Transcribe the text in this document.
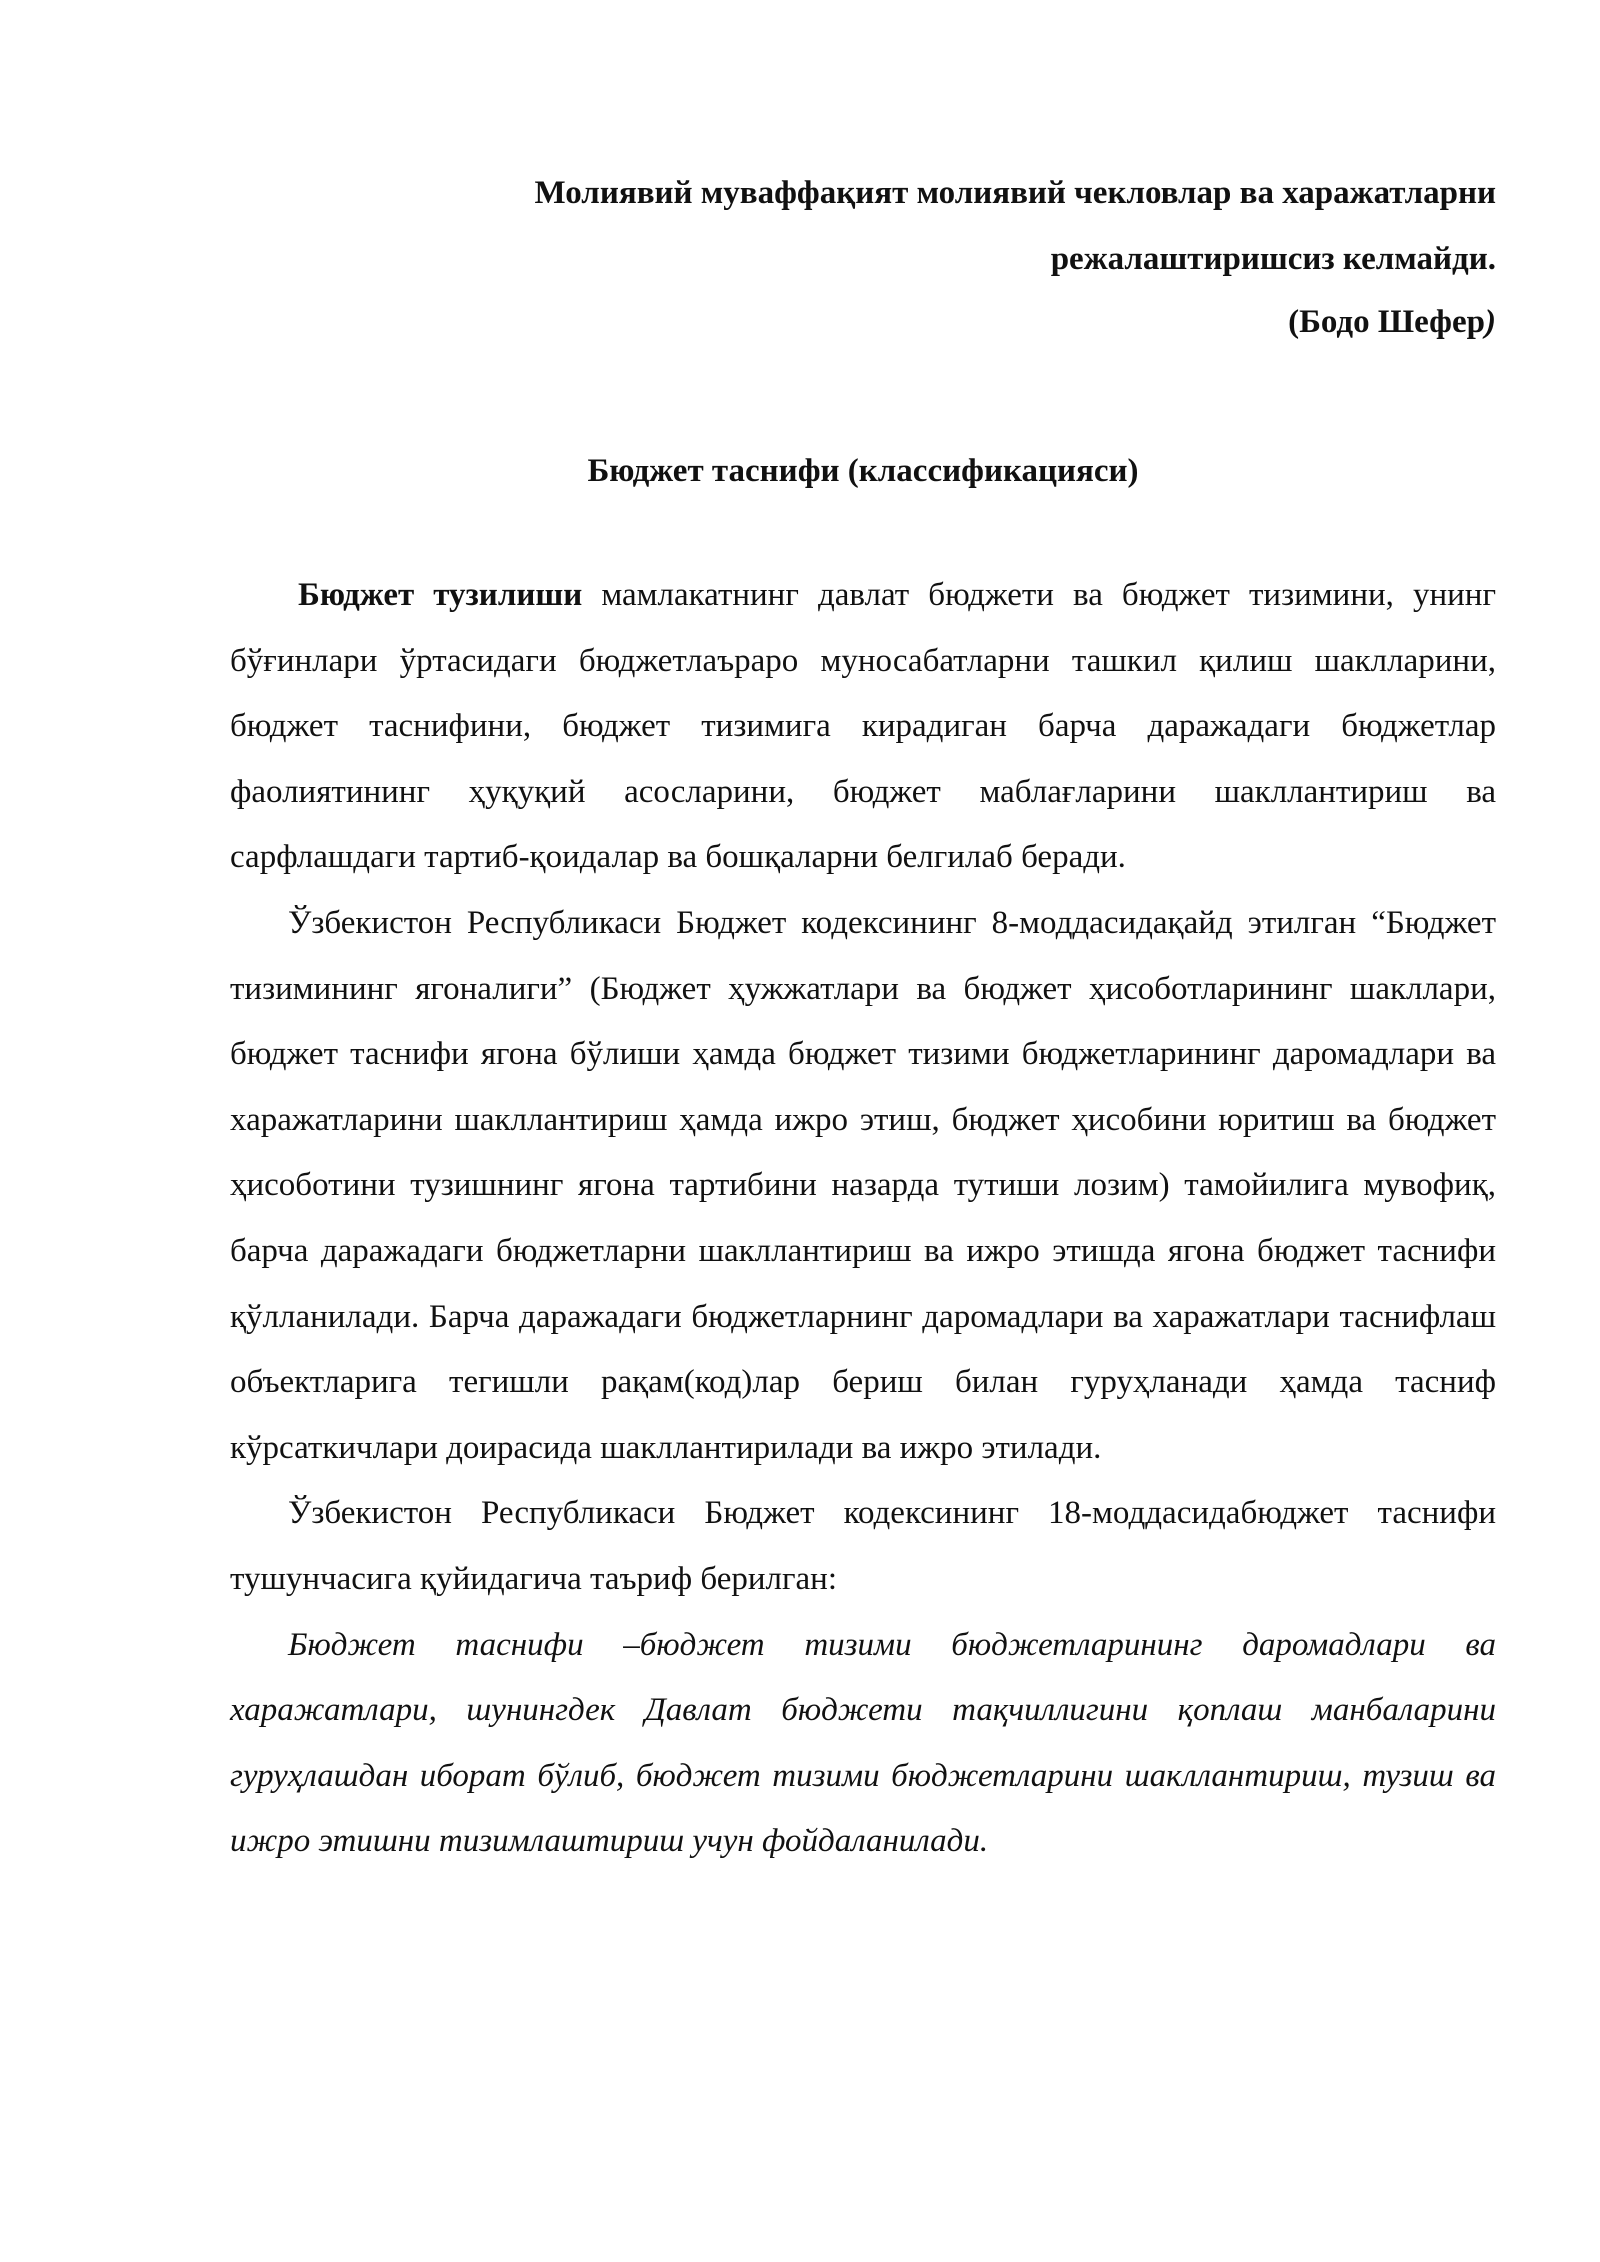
Молиявий муваффақият молиявий чекловлар ва харажатларни

режалаштиришсиз келмайди.

(Бодо Шефер)

Бюджет таснифи (классификацияси)

Бюджет тузилиши мамлакатнинг давлат бюджети ва бюджет тизимини, унинг бўғинлари ўртасидаги бюджетлаъраро муносабатларни ташкил қилиш шаклларини, бюджет таснифини, бюджет тизимига кирадиган барча даражадаги бюджетлар фаолиятининг ҳуқуқий асосларини, бюджет маблағларини шакллантириш ва сарфлашдаги тартиб-қоидалар ва бошқаларни белгилаб беради.

Ўзбекистон Республикаси Бюджет кодексининг 8-моддасидақайд этилган “Бюджет тизимининг ягоналиги” (Бюджет ҳужжатлари ва бюджет ҳисоботларининг шакллари, бюджет таснифи ягона бўлиши ҳамда бюджет тизими бюджетларининг даромадлари ва харажатларини шакллантириш ҳамда ижро этиш, бюджет ҳисобини юритиш ва бюджет ҳисоботини тузишнинг ягона тартибини назарда тутиши лозим) тамойилига мувофиқ, барча даражадаги бюджетларни шакллантириш ва ижро этишда ягона бюджет таснифи қўлланилади. Барча даражадаги бюджетларнинг даромадлари ва харажатлари таснифлаш объектларига тегишли рақам(код)лар бериш билан гуруҳланади ҳамда тасниф кўрсаткичлари доирасида шакллантирилади ва ижро этилади.

Ўзбекистон Республикаси Бюджет кодексининг 18-моддасидабюджет таснифи тушунчасига қуйидагича таъриф берилган:

Бюджет таснифи –бюджет тизими бюджетларининг даромадлари ва харажатлари, шунингдек Давлат бюджети тақчиллигини қоплаш манбаларини гуруҳлашдан иборат бўлиб, бюджет тизими бюджетларини шакллантириш, тузиш ва ижро этишни тизимлаштириш учун фойдаланилади.
